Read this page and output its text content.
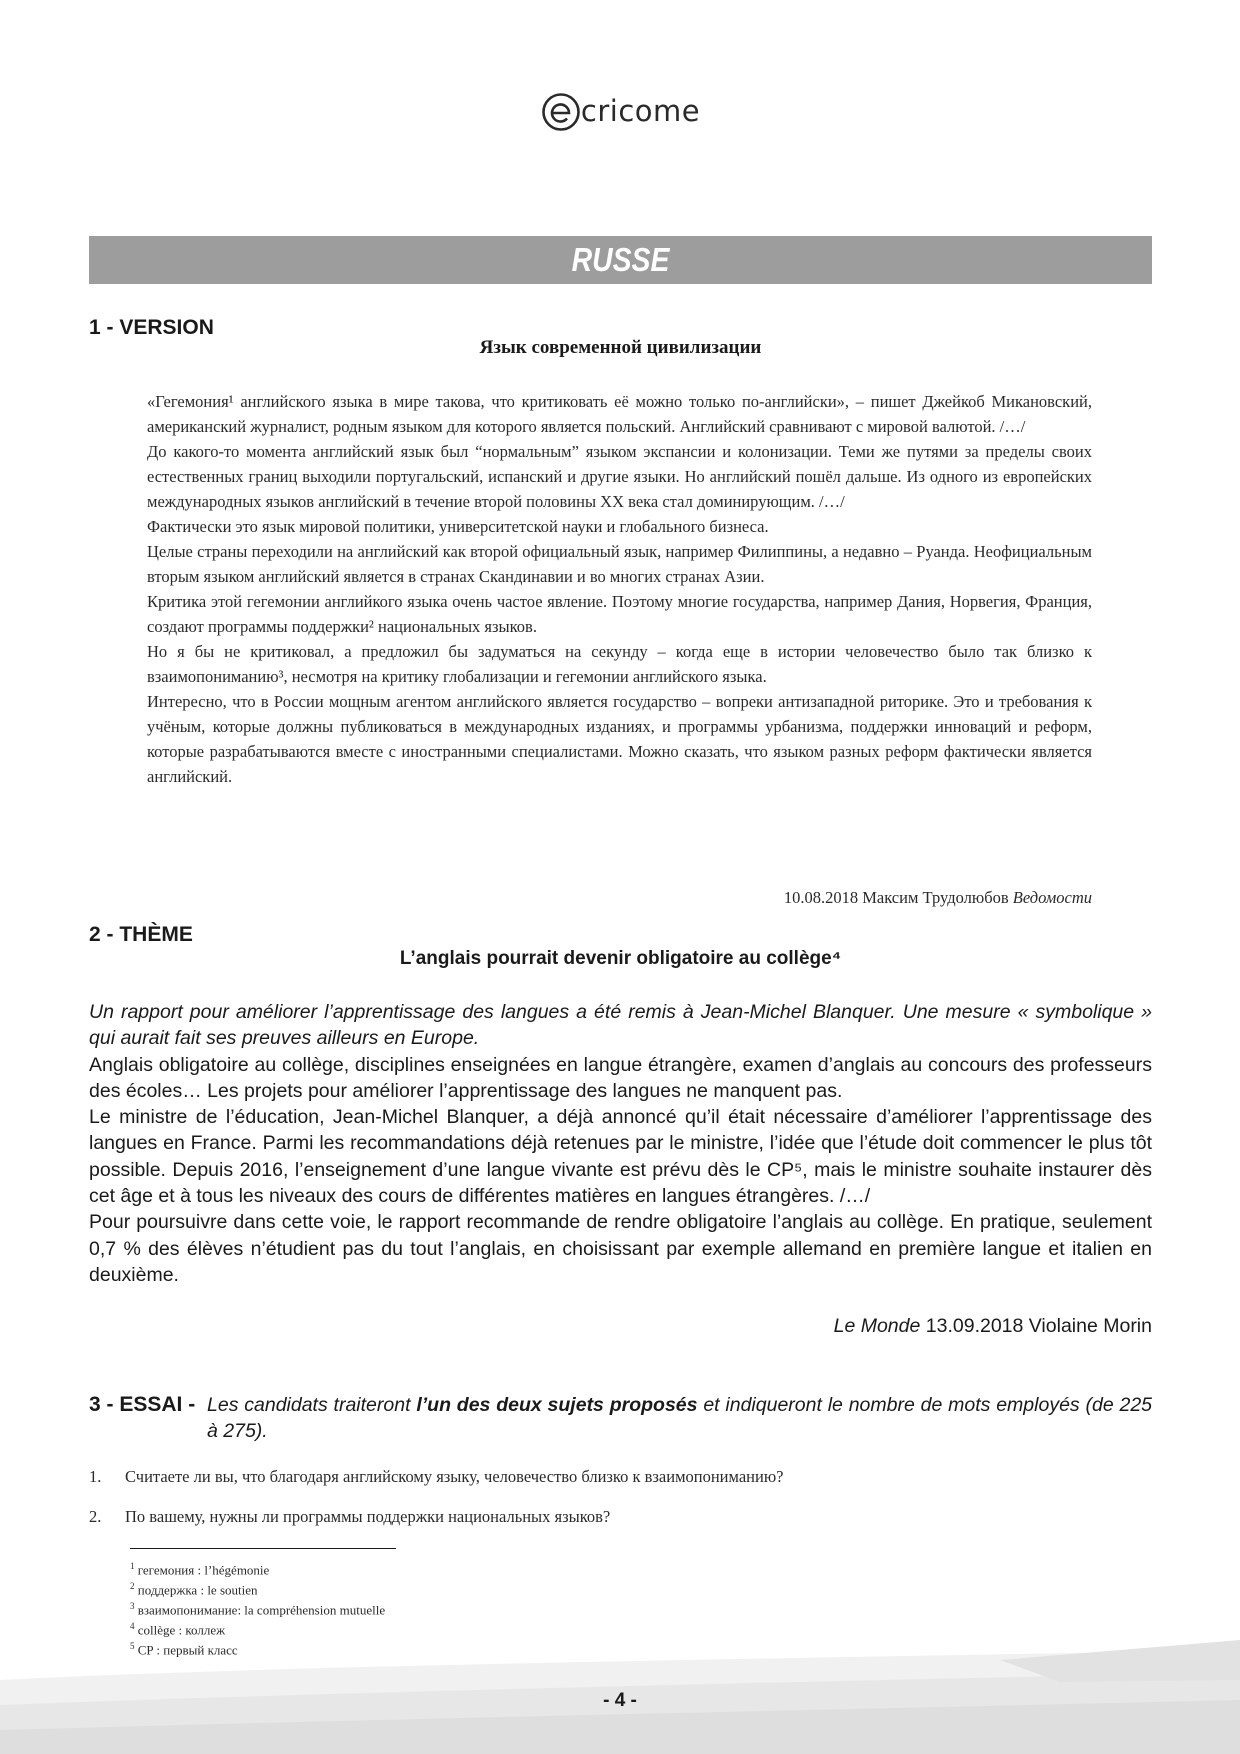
cricome
RUSSE
1 - VERSION
Язык современной цивилизации

«Гегемония¹ английского языка в мире такова, что критиковать её можно только по-английски», – пишет Джейкоб Микановский, американский журналист, родным языком для которого является польский. Английский сравнивают с мировой валютой. /…/

До какого-то момента английский язык был “нормальным” языком экспансии и колонизации. Теми же путями за пределы своих естественных границ выходили португальский, испанский и другие языки. Но английский пошёл дальше. Из одного из европейских международных языков английский в течение второй половины XX века стал доминирующим. /…/

Фактически это язык мировой политики, университетской науки и глобального бизнеса.

Целые страны переходили на английский как второй официальный язык, например Филиппины, а недавно – Руанда. Неофициальным вторым языком английский является в странах Скандинавии и во многих странах Азии.

Критика этой гегемонии английкого языка очень частое явление. Поэтому многие государства, например Дания, Норвегия, Франция, создают программы поддержки² национальных языков.

Но я бы не критиковал, а предложил бы задуматься на секунду – когда еще в истории человечество было так близко к взаимопониманию³, несмотря на критику глобализации и гегемонии английского языка.

Интересно, что в России мощным агентом английского является государство – вопреки антизападной риторике. Это и требования к учёным, которые должны публиковаться в международных изданиях, и программы урбанизма, поддержки инноваций и реформ, которые разрабатываются вместе с иностранными специалистами. Можно сказать, что языком разных реформ фактически является английский.

10.08.2018 Максим Трудолюбов Ведомости
2 - THÈME
L’anglais pourrait devenir obligatoire au collège⁴

Un rapport pour améliorer l’apprentissage des langues a été remis à Jean-Michel Blanquer. Une mesure « symbolique » qui aurait fait ses preuves ailleurs en Europe.

Anglais obligatoire au collège, disciplines enseignées en langue étrangère, examen d’anglais au concours des professeurs des écoles… Les projets pour améliorer l’apprentissage des langues ne manquent pas.

Le ministre de l’éducation, Jean-Michel Blanquer, a déjà annoncé qu’il était nécessaire d’améliorer l’apprentissage des langues en France. Parmi les recommandations déjà retenues par le ministre, l’idée que l’étude doit commencer le plus tôt possible. Depuis 2016, l’enseignement d’une langue vivante est prévu dès le CP⁵, mais le ministre souhaite instaurer dès cet âge et à tous les niveaux des cours de différentes matières en langues étrangères. /…/

Pour poursuivre dans cette voie, le rapport recommande de rendre obligatoire l’anglais au collège. En pratique, seulement 0,7 % des élèves n’étudient pas du tout l’anglais, en choisissant par exemple allemand en première langue et italien en deuxième.

Le Monde 13.09.2018 Violaine Morin
3 - ESSAI - Les candidats traiteront l’un des deux sujets proposés et indiqueront le nombre de mots employés (de 225 à 275).
1. Считаете ли вы, что благодаря английскому языку, человечество близко к взаимопониманию?
2. По вашему, нужны ли программы поддержки национальных языков?
$^1$ гегемония : l’hégémonie
$^2$ поддержка : le soutien
$^3$ взаимопонимание: la compréhension mutuelle
$^4$ collège : коллеж
$^5$ CP : первый класс
- 4 -
